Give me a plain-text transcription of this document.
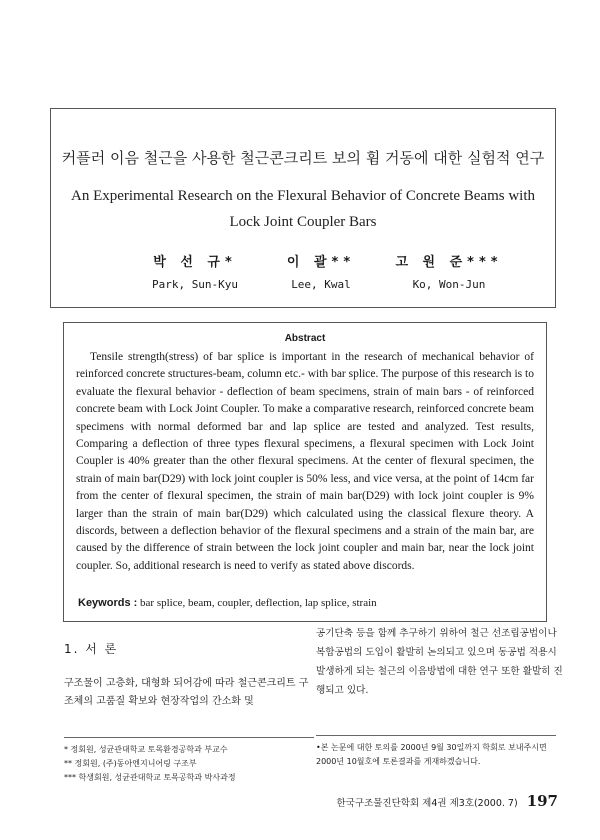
커플러 이음 철근을 사용한 철근콘크리트 보의 휨 거동에 대한 실험적 연구
An Experimental Research on the Flexural Behavior of Concrete Beams with Lock Joint Coupler Bars
박 선 규*
Park, Sun-Kyu
이 괄**
Lee, Kwal
고 원 준***
Ko, Won-Jun
Abstract
Tensile strength(stress) of bar splice is important in the research of mechanical behavior of reinforced concrete structures-beam, column etc.- with bar splice. The purpose of this research is to evaluate the flexural behavior - deflection of beam specimens, strain of main bars - of reinforced concrete beam with Lock Joint Coupler. To make a comparative research, reinforced concrete beam specimens with normal deformed bar and lap splice are tested and analyzed. Test results, Comparing a deflection of three types flexural specimens, a flexural specimen with Lock Joint Coupler is 40% greater than the other flexural specimens. At the center of flexural specimen, the strain of main bar(D29) with lock joint coupler is 50% less, and vice versa, at the point of 14cm far from the center of flexural specimen, the strain of main bar(D29) with lock joint coupler is 9% larger than the strain of main bar(D29) which calculated using the classical flexure theory. A discords, between a deflection behavior of the flexural specimens and a strain of the main bar, are caused by the difference of strain between the lock joint coupler and main bar, near the lock joint coupler. So, additional research is need to verify as stated above discords.
Keywords : bar splice, beam, coupler, deflection, lap splice, strain
1. 서 론
구조물이 고층화, 대형화 되어감에 따라 철근콘크리트 구조체의 고품질 확보와 현장작업의 간소화 및
공기단축 등을 함께 추구하기 위하여 철근 선조립공법이나 복합공법의 도입이 활발히 논의되고 있으며 동공법 적용시 발생하게 되는 철근의 이음방법에 대한 연구 또한 활발히 진행되고 있다.
* 정회원, 성균관대학교 토목환경공학과 부교수
** 정회원, (주)동아엔지니어링 구조부
*** 학생회원, 성균관대학교 토목공학과 박사과정
•본 논문에 대한 토의를 2000년 9월 30일까지 학회로 보내주시면 2000년 10월호에 토론결과를 게재하겠습니다.
한국구조물진단학회 제4권 제3호(2000. 7) 197
